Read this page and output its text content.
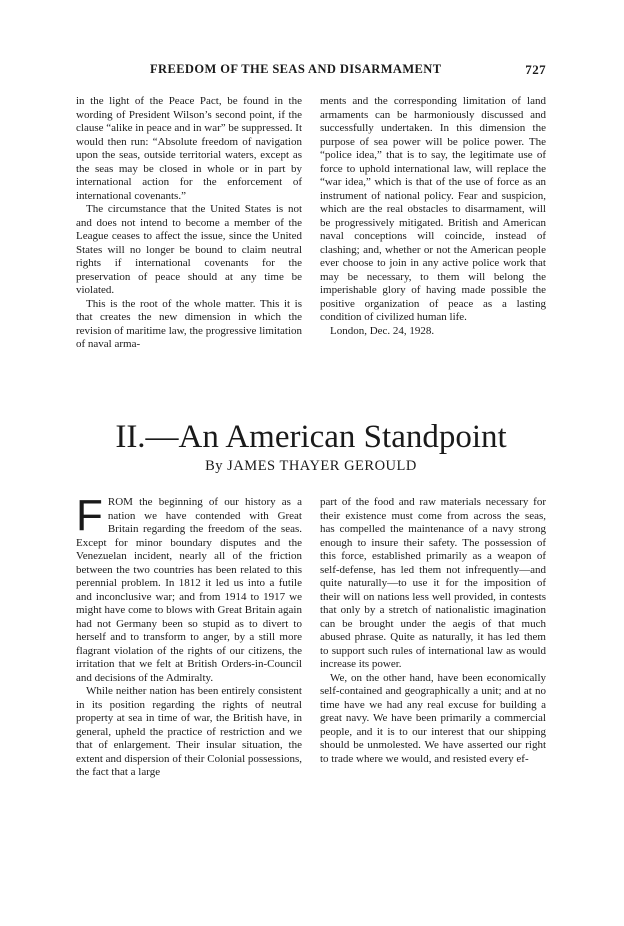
FREEDOM OF THE SEAS AND DISARMAMENT	727

in the light of the Peace Pact, be found in the wording of President Wilson’s second point, if the clause “alike in peace and in war” be suppressed. It would then run: “Absolute freedom of navigation upon the seas, outside territorial waters, except as the seas may be closed in whole or in part by international action for the enforcement of international covenants.”

The circumstance that the United States is not and does not intend to become a member of the League ceases to affect the issue, since the United States will no longer be bound to claim neutral rights if international covenants for the preservation of peace should at any time be violated.

This is the root of the whole matter. This it is that creates the new dimension in which the revision of maritime law, the progressive limitation of naval arma-

ments and the corresponding limitation of land armaments can be harmoniously discussed and successfully undertaken. In this dimension the purpose of sea power will be police power. The “police idea,” that is to say, the legitimate use of force to uphold international law, will replace the “war idea,” which is that of the use of force as an instrument of national policy. Fear and suspicion, which are the real obstacles to disarmament, will be progressively mitigated. British and American naval conceptions will coincide, instead of clashing; and, whether or not the American people ever choose to join in any active police work that may be necessary, to them will belong the imperishable glory of having made possible the positive organization of peace as a lasting condition of civilized human life.

London, Dec. 24, 1928.

II.—An American Standpoint
By JAMES THAYER GEROULD

FROM the beginning of our history as a nation we have contended with Great Britain regarding the freedom of the seas. Except for minor boundary disputes and the Venezuelan incident, nearly all of the friction between the two countries has been related to this perennial problem. In 1812 it led us into a futile and inconclusive war; and from 1914 to 1917 we might have come to blows with Great Britain again had not Germany been so stupid as to divert to herself and to transform to anger, by a still more flagrant violation of the rights of our citizens, the irritation that we felt at British Orders-in-Council and decisions of the Admiralty.

While neither nation has been entirely consistent in its position regarding the rights of neutral property at sea in time of war, the British have, in general, upheld the practice of restriction and we that of enlargement. Their insular situation, the extent and dispersion of their Colonial possessions, the fact that a large

part of the food and raw materials necessary for their existence must come from across the seas, has compelled the maintenance of a navy strong enough to insure their safety. The possession of this force, established primarily as a weapon of self-defense, has led them not infrequently—and quite naturally—to use it for the imposition of their will on nations less well provided, in contests that only by a stretch of nationalistic imagination can be brought under the aegis of that much abused phrase. Quite as naturally, it has led them to support such rules of international law as would increase its power.

We, on the other hand, have been economically self-contained and geographically a unit; and at no time have we had any real excuse for building a great navy. We have been primarily a commercial people, and it is to our interest that our shipping should be unmolested. We have asserted our right to trade where we would, and resisted every ef-
